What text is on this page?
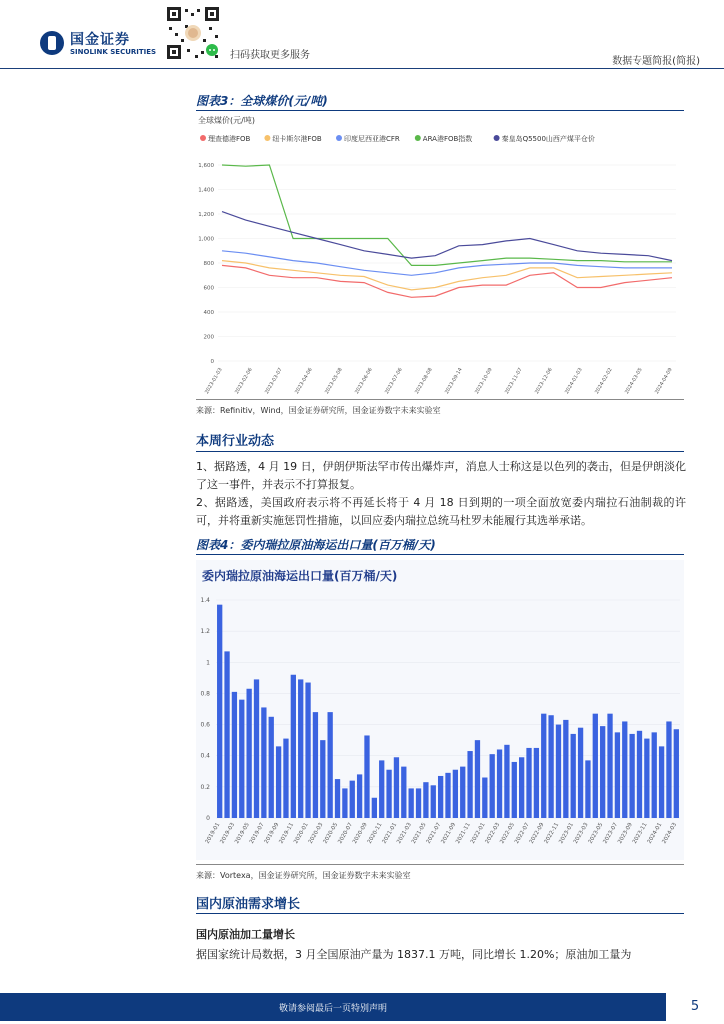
国金证券
SINOLINK SECURITIES	扫码获取更多服务
数据专题简报(简报)
图表3：全球煤价(元/吨)
全球煤价(元/吨)
理查德港FOB	纽卡斯尔港FOB	印度尼西亚港CFR	ARA港FOB指数	秦皇岛Q5500山西产煤平仓价
0
200
400
600
800
1,000
1,200
1,400
1,600
2023-01-03 2023-02-06 2023-03-07 2023-04-06 2023-05-08 2023-06-06 2023-07-06 2023-08-08 2023-09-14 2023-10-09 2023-11-07 2023-12-06 2024-01-03 2024-02-02 2024-03-05 2024-04-09
来源：Refinitiv，Wind，国金证券研究所，国金证券数字未来实验室
本周行业动态
1、据路透，4 月 19 日，伊朗伊斯法罕市传出爆炸声，消息人士称这是以色列的袭击，但是伊朗淡化了这一事件，并表示不打算报复。
2、据路透，美国政府表示将不再延长将于 4 月 18 日到期的一项全面放宽委内瑞拉石油制裁的许可，并将重新实施惩罚性措施，以回应委内瑞拉总统马杜罗未能履行其选举承诺。
图表4：委内瑞拉原油海运出口量(百万桶/天)
委内瑞拉原油海运出口量(百万桶/天)
0
0.2
0.4
0.6
0.8
1
1.2
1.4
2019-01
2019-03
2019-05
2019-07
2019-09
2019-11
2020-01
2020-03
2020-05
2020-07
2020-09
2020-11
2021-01
2021-03
2021-05
2021-07
2021-09
2021-11
2022-01
2022-03
2022-05
2022-07
2022-09
2022-11
2023-01
2023-03
2023-05
2023-07
2023-09
2023-11
2024-01
2024-03
来源：Vortexa，国金证券研究所，国金证券数字未来实验室
国内原油需求增长
国内原油加工量增长
据国家统计局数据，3 月全国原油产量为 1837.1 万吨，同比增长 1.20%；原油加工量为
敬请参阅最后一页特别声明	5
